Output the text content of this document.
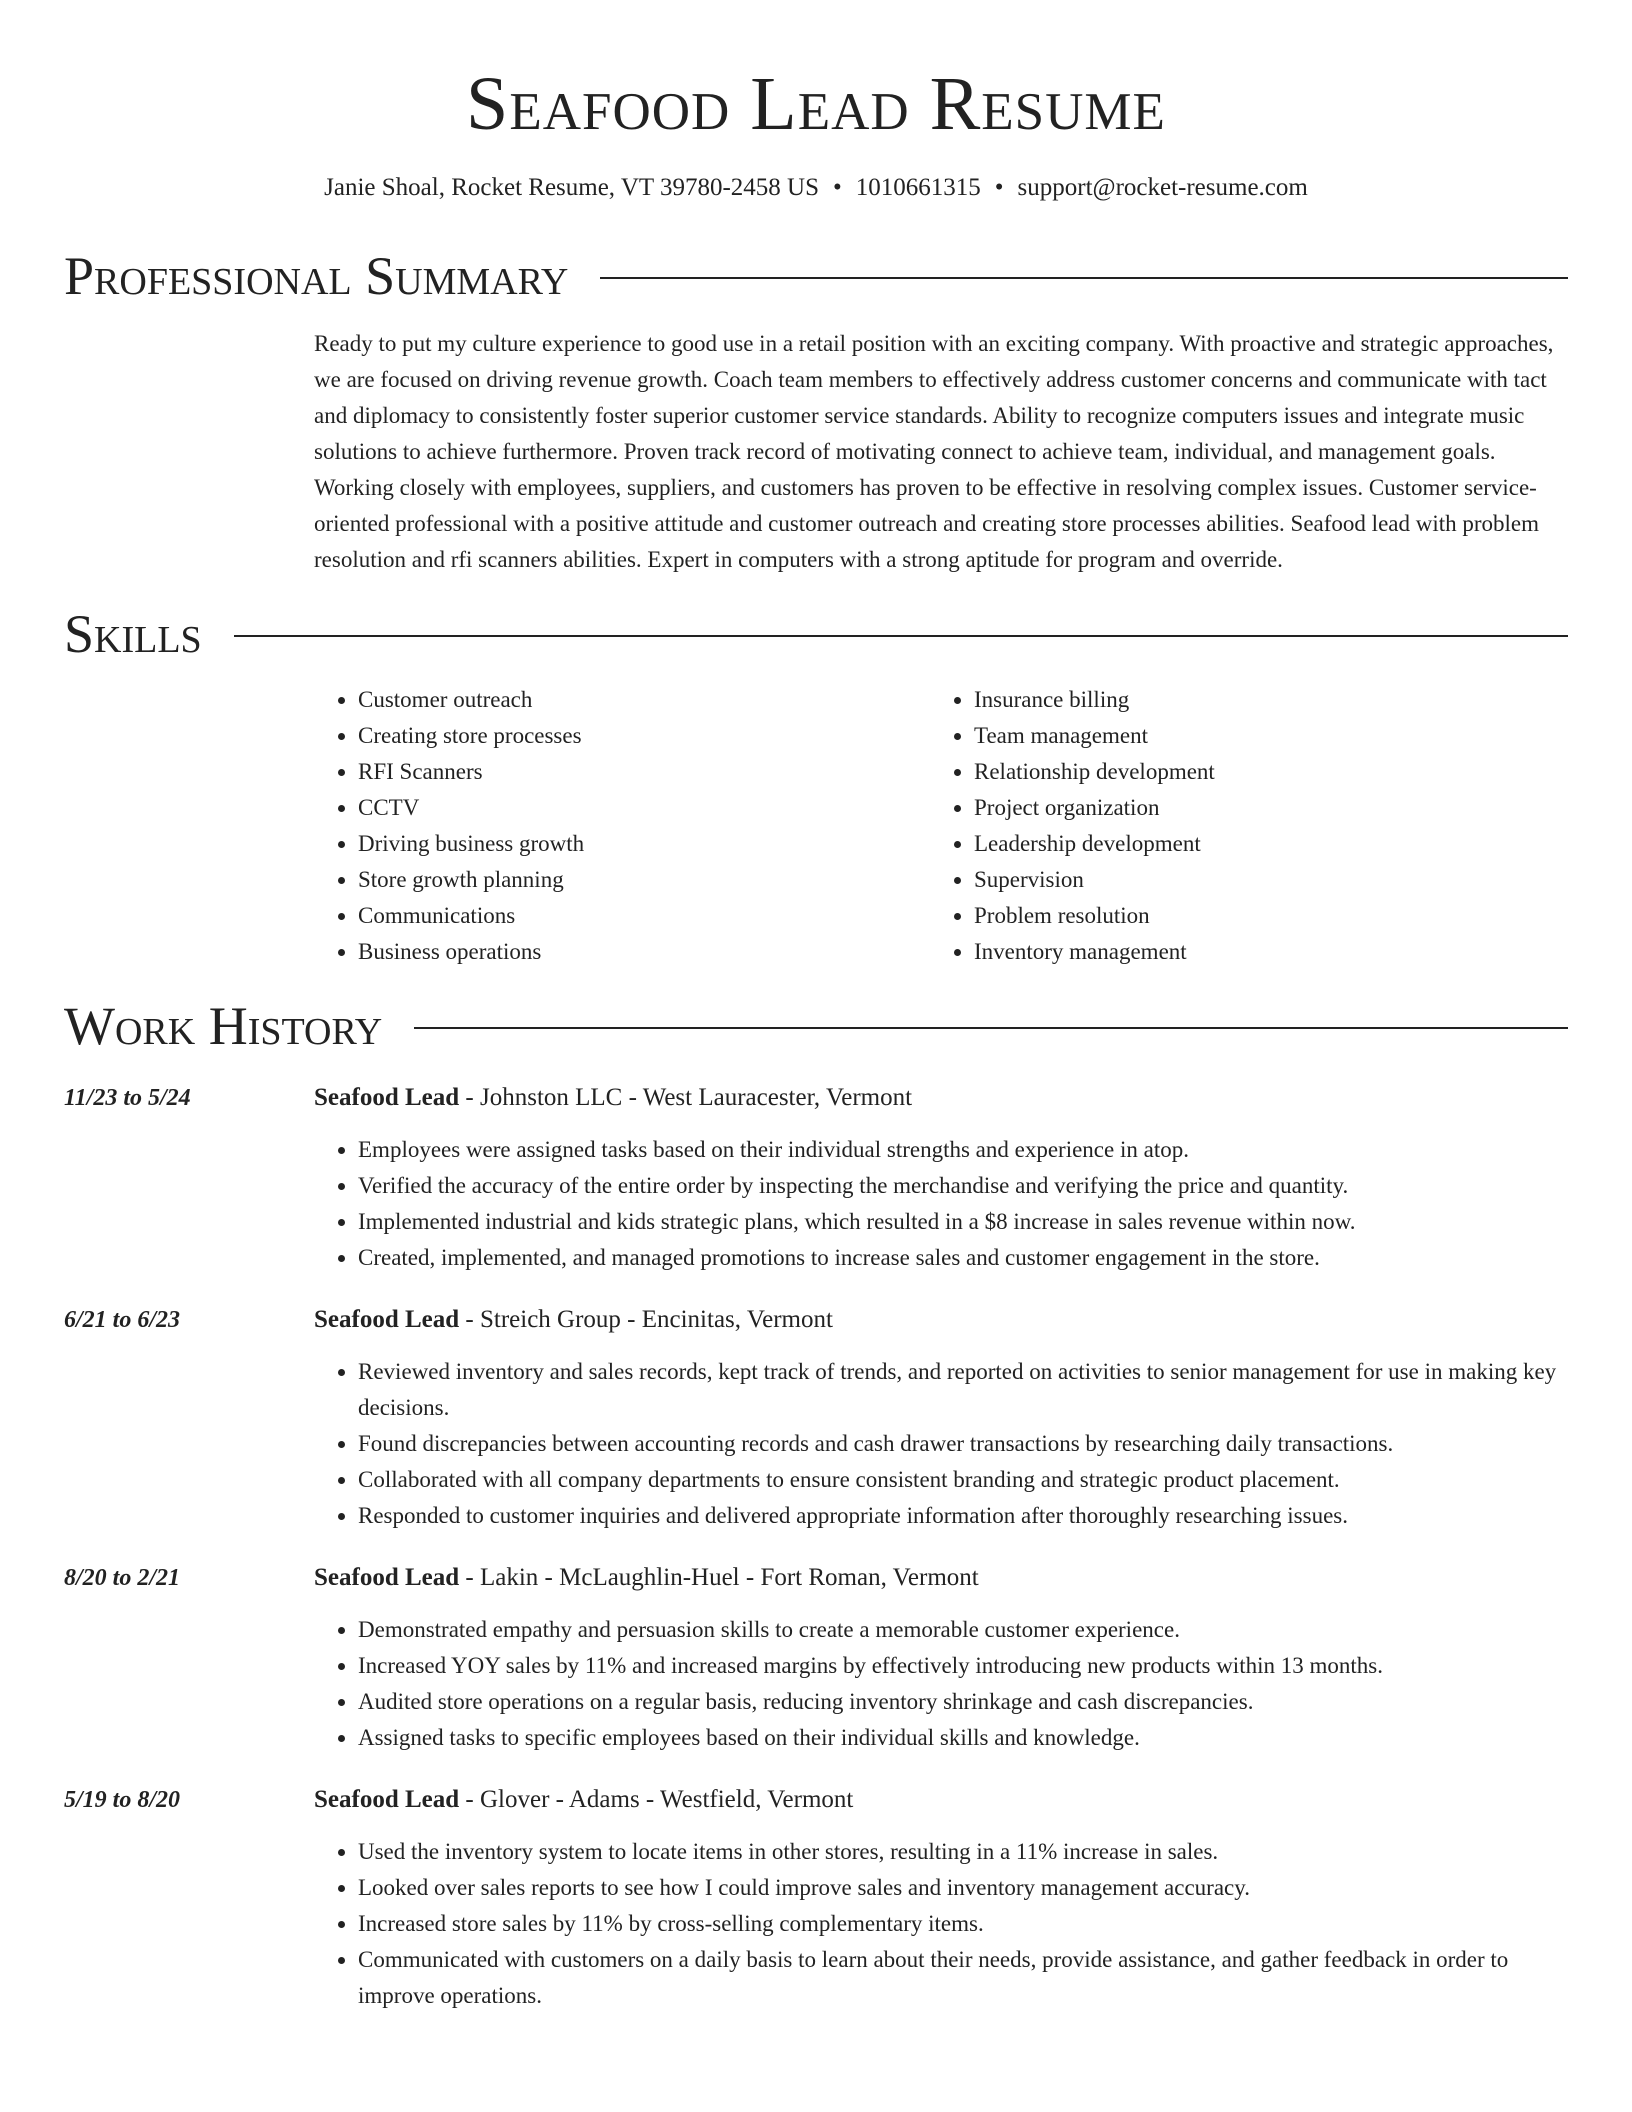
Seafood Lead Resume
Janie Shoal, Rocket Resume, VT 39780-2458 US • 1010661315 • support@rocket-resume.com
Professional Summary
Ready to put my culture experience to good use in a retail position with an exciting company. With proactive and strategic approaches, we are focused on driving revenue growth. Coach team members to effectively address customer concerns and communicate with tact and diplomacy to consistently foster superior customer service standards. Ability to recognize computers issues and integrate music solutions to achieve furthermore. Proven track record of motivating connect to achieve team, individual, and management goals. Working closely with employees, suppliers, and customers has proven to be effective in resolving complex issues. Customer service-oriented professional with a positive attitude and customer outreach and creating store processes abilities. Seafood lead with problem resolution and rfi scanners abilities. Expert in computers with a strong aptitude for program and override.
Skills
• Customer outreach
• Creating store processes
• RFI Scanners
• CCTV
• Driving business growth
• Store growth planning
• Communications
• Business operations
• Insurance billing
• Team management
• Relationship development
• Project organization
• Leadership development
• Supervision
• Problem resolution
• Inventory management
Work History
11/23 to 5/24	Seafood Lead - Johnston LLC - West Lauracester, Vermont
• Employees were assigned tasks based on their individual strengths and experience in atop.
• Verified the accuracy of the entire order by inspecting the merchandise and verifying the price and quantity.
• Implemented industrial and kids strategic plans, which resulted in a $8 increase in sales revenue within now.
• Created, implemented, and managed promotions to increase sales and customer engagement in the store.
6/21 to 6/23	Seafood Lead - Streich Group - Encinitas, Vermont
• Reviewed inventory and sales records, kept track of trends, and reported on activities to senior management for use in making key decisions.
• Found discrepancies between accounting records and cash drawer transactions by researching daily transactions.
• Collaborated with all company departments to ensure consistent branding and strategic product placement.
• Responded to customer inquiries and delivered appropriate information after thoroughly researching issues.
8/20 to 2/21	Seafood Lead - Lakin - McLaughlin-Huel - Fort Roman, Vermont
• Demonstrated empathy and persuasion skills to create a memorable customer experience.
• Increased YOY sales by 11% and increased margins by effectively introducing new products within 13 months.
• Audited store operations on a regular basis, reducing inventory shrinkage and cash discrepancies.
• Assigned tasks to specific employees based on their individual skills and knowledge.
5/19 to 8/20	Seafood Lead - Glover - Adams - Westfield, Vermont
• Used the inventory system to locate items in other stores, resulting in a 11% increase in sales.
• Looked over sales reports to see how I could improve sales and inventory management accuracy.
• Increased store sales by 11% by cross-selling complementary items.
• Communicated with customers on a daily basis to learn about their needs, provide assistance, and gather feedback in order to improve operations.
